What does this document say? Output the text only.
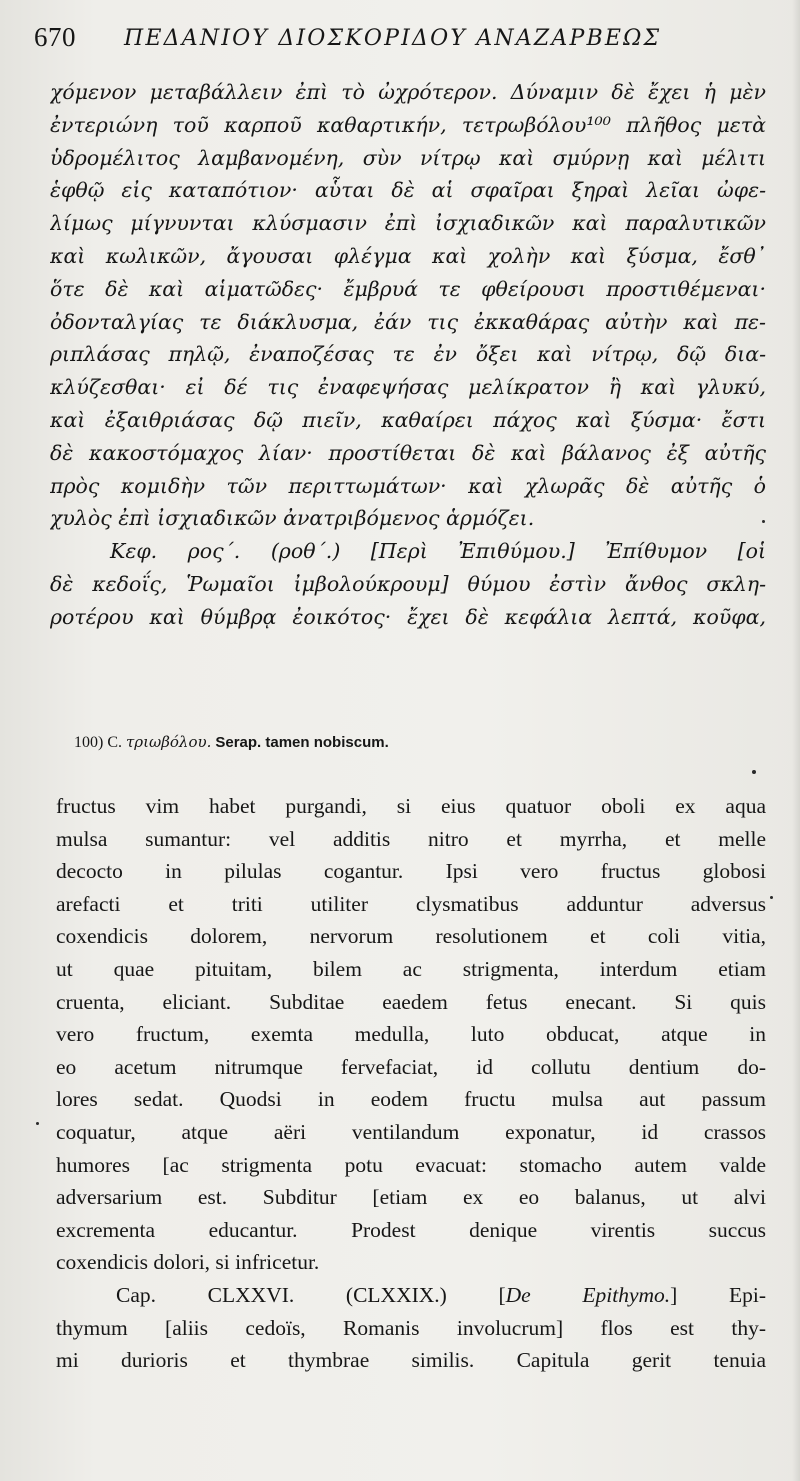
670 ΠΕΔΑΝΙΟΥ ΔΙΟΣΚΟΡΙΔΟΥ ΑΝΑΖΑΡΒΕΩΣ
χόμενον μεταβάλλειν ἐπὶ τὸ ὠχρότερον. Δύναμιν δὲ ἔχει ἡ μὲν
ἐντεριώνη τοῦ καρποῦ καθαρτικήν, τετρωβόλου¹⁰⁰ πλῆθος μετὰ
ὑδρομέλιτος λαμβανομένη, σὺν νίτρῳ καὶ σμύρνῃ καὶ μέλιτι
ἑφθῷ εἰς καταπότιον· αὗται δὲ αἱ σφαῖραι ξηραὶ λεῖαι ὠφε-
λίμως μίγνυνται κλύσμασιν ἐπὶ ἰσχιαδικῶν καὶ παραλυτικῶν
καὶ κωλικῶν, ἄγουσαι φλέγμα καὶ χολὴν καὶ ξύσμα, ἔσθ᾽
ὅτε δὲ καὶ αἱματῶδες· ἔμβρυά τε φθείρουσι προστιθέμεναι·
ὀδονταλγίας τε διάκλυσμα, ἐάν τις ἐκκαθάρας αὐτὴν καὶ πε-
ριπλάσας πηλῷ, ἐναποζέσας τε ἐν ὄξει καὶ νίτρῳ, δῷ δια-
κλύζεσθαι· εἰ δέ τις ἐναφεψήσας μελίκρατον ἢ καὶ γλυκύ,
καὶ ἐξαιθριάσας δῷ πιεῖν, καθαίρει πάχος καὶ ξύσμα· ἔστι
δὲ κακοστόμαχος λίαν· προστίθεται δὲ καὶ βάλανος ἐξ αὐτῆς
πρὸς κομιδὴν τῶν περιττωμάτων· καὶ χλωρᾶς δὲ αὐτῆς ὁ
χυλὸς ἐπὶ ἰσχιαδικῶν ἀνατριβόμενος ἁρμόζει.
Κεφ. ρος΄. (ροθ΄.) [Περὶ Ἐπιθύμου.] Ἐπίθυμον [οἱ
δὲ κεδοΐς, Ῥωμαῖοι ἰμβολούκρουμ] θύμου ἐστὶν ἄνθος σκλη-
ροτέρου καὶ θύμβρᾳ ἐοικότος· ἔχει δὲ κεφάλια λεπτά, κοῦφα,
100) C. τριωβόλου. Serap. tamen nobiscum.
fructus vim habet purgandi, si eius quatuor oboli ex aqua
mulsa sumantur: vel additis nitro et myrrha, et melle
decocto in pilulas cogantur. Ipsi vero fructus globosi
arefacti et triti utiliter clysmatibus adduntur adversus
coxendicis dolorem, nervorum resolutionem et coli vitia,
ut quae pituitam, bilem ac strigmenta, interdum etiam
cruenta, eliciant. Subditae eaedem fetus enecant. Si quis
vero fructum, exemta medulla, luto obducat, atque in
eo acetum nitrumque fervefaciat, id collutu dentium do-
lores sedat. Quodsi in eodem fructu mulsa aut passum
coquatur, atque aëri ventilandum exponatur, id crassos
humores [ac strigmenta potu evacuat: stomacho autem valde
adversarium est. Subditur [etiam ex eo balanus, ut alvi
excrementa educantur. Prodest denique virentis succus
coxendicis dolori, si infricetur.
Cap. CLXXVI. (CLXXIX.) [De Epithymo.] Epi-
thymum [aliis cedoïs, Romanis involucrum] flos est thy-
mi durioris et thymbrae similis. Capitula gerit tenuia
